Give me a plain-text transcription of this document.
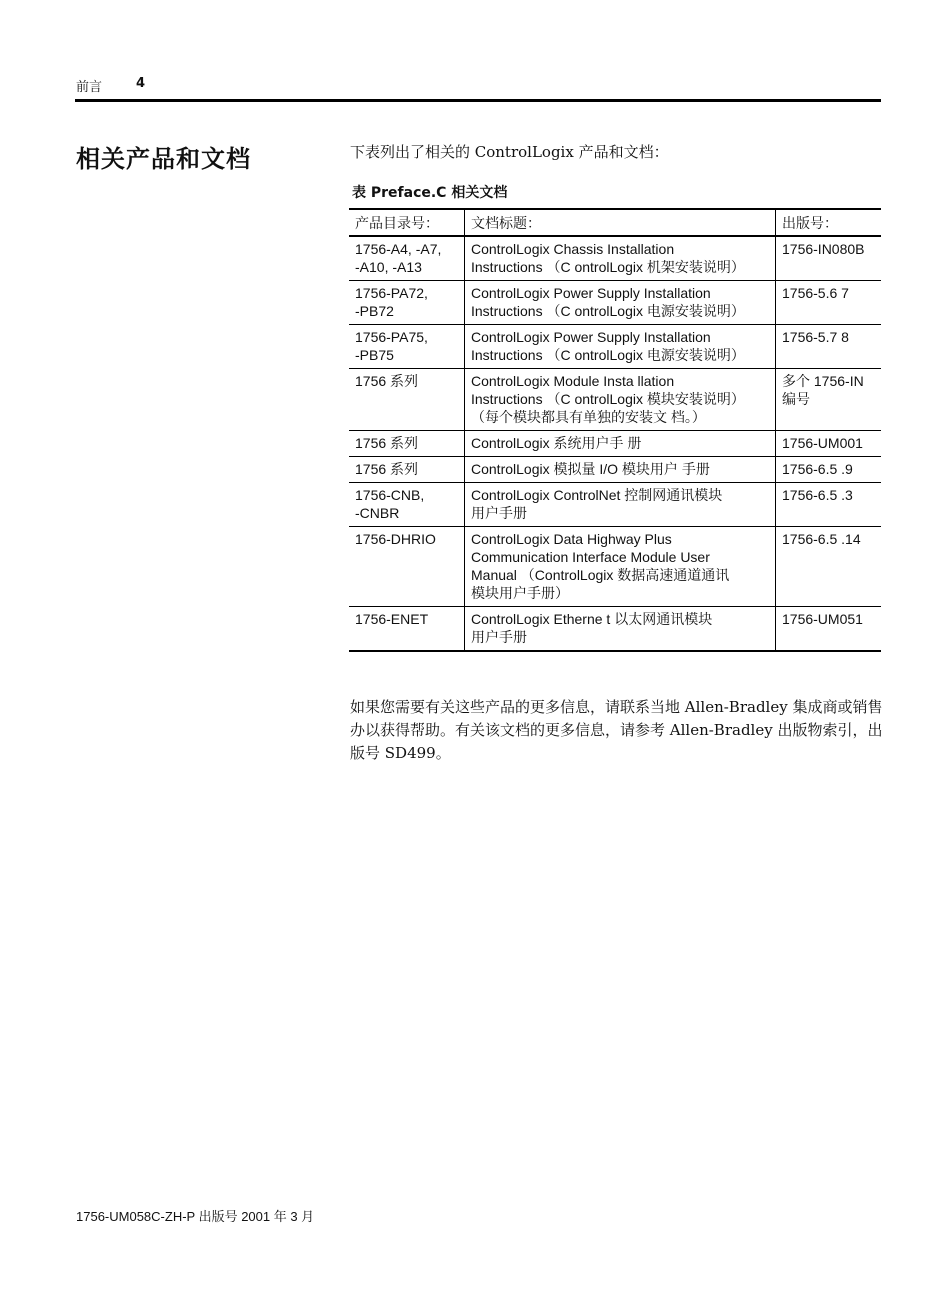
前言	4
相关产品和文档	下表列出了相关的 ControlLogix 产品和文档：
表 Preface.C 相关文档
产品目录号：	文档标题：	出版号：

1756-A4, -A7,
-A10, -A13	ControlLogix Chassis Installation
Instructions （C ontrolLogix 机架安装说明）	1756-IN080B

1756-PA72,
-PB72	ControlLogix Power Supply Installation
Instructions （C ontrolLogix 电源安装说明）	1756-5.6 7

1756-PA75,
-PB75	ControlLogix Power Supply Installation
Instructions （C ontrolLogix 电源安装说明）	1756-5.7 8

1756 系列	ControlLogix Module Insta llation
Instructions （C ontrolLogix 模块安装说明）
（每个模块都具有单独的安装文 档。）	多个 1756-IN
编号

1756 系列	ControlLogix 系统用户手 册	1756-UM001

1756 系列	ControlLogix 模拟量 I/O 模块用户 手册	1756-6.5 .9

1756-CNB,
-CNBR	ControlLogix ControlNet 控制网通讯模块
用户手册	1756-6.5 .3

1756-DHRIO	ControlLogix Data Highway Plus
Communication Interface Module User
Manual （ControlLogix 数据高速通道通讯
模块用户手册）	1756-6.5 .14

1756-ENET	ControlLogix Etherne t 以太网通讯模块
用户手册	1756-UM051
如果您需要有关这些产品的更多信息，请联系当地 Allen-Bradley 集成商或销售办以获得帮助。有关该文档的更多信息，请参考 Allen-Bradley 出版物索引，出版号 SD499。
1756-UM058C-ZH-P 出版号 2001 年 3 月
